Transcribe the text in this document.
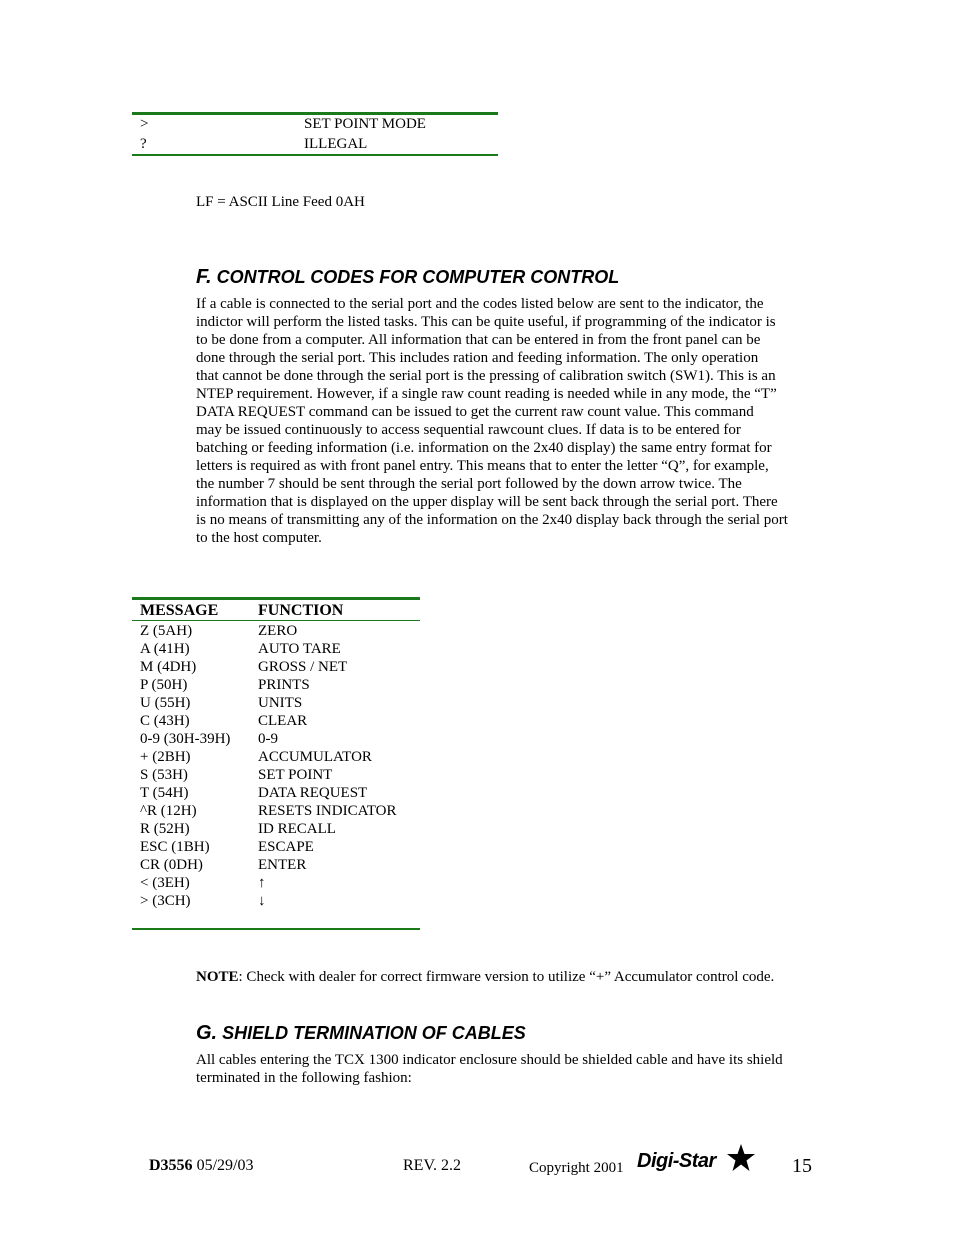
>	SET POINT MODE
?	ILLEGAL
LF = ASCII Line Feed 0AH
F. CONTROL CODES FOR COMPUTER CONTROL
If a cable is connected to the serial port and the codes listed below are sent to the indicator, the
indictor will perform the listed tasks. This can be quite useful, if programming of the indicator is
to be done from a computer. All information that can be entered in from the front panel can be
done through the serial port. This includes ration and feeding information. The only operation
that cannot be done through the serial port is the pressing of calibration switch (SW1). This is an
NTEP requirement. However, if a single raw count reading is needed while in any mode, the “T”
DATA REQUEST command can be issued to get the current raw count value. This command
may be issued continuously to access sequential rawcount clues. If data is to be entered for
batching or feeding information (i.e. information on the 2x40 display) the same entry format for
letters is required as with front panel entry. This means that to enter the letter “Q”, for example,
the number 7 should be sent through the serial port followed by the down arrow twice. The
information that is displayed on the upper display will be sent back through the serial port. There
is no means of transmitting any of the information on the 2x40 display back through the serial port
to the host computer.
MESSAGE FUNCTION
Z (5AH)	ZERO
A (41H)	AUTO TARE
M (4DH)	GROSS / NET
P (50H)	PRINTS
U (55H)	UNITS
C (43H)	CLEAR
0-9 (30H-39H) 0-9
+ (2BH)	ACCUMULATOR
S (53H)	SET POINT
T (54H)	DATA REQUEST
^R (12H)	RESETS INDICATOR
R (52H)	ID RECALL
ESC (1BH)	ESCAPE
CR (0DH)	ENTER
< (3EH)	↑
> (3CH)	↓
NOTE: Check with dealer for correct firmware version to utilize “+” Accumulator control code.
G. SHIELD TERMINATION OF CABLES
All cables entering the TCX 1300 indicator enclosure should be shielded cable and have its shield
terminated in the following fashion:
D3556 05/29/03	REV. 2.2	Copyright 2001 Digi-Star	15
